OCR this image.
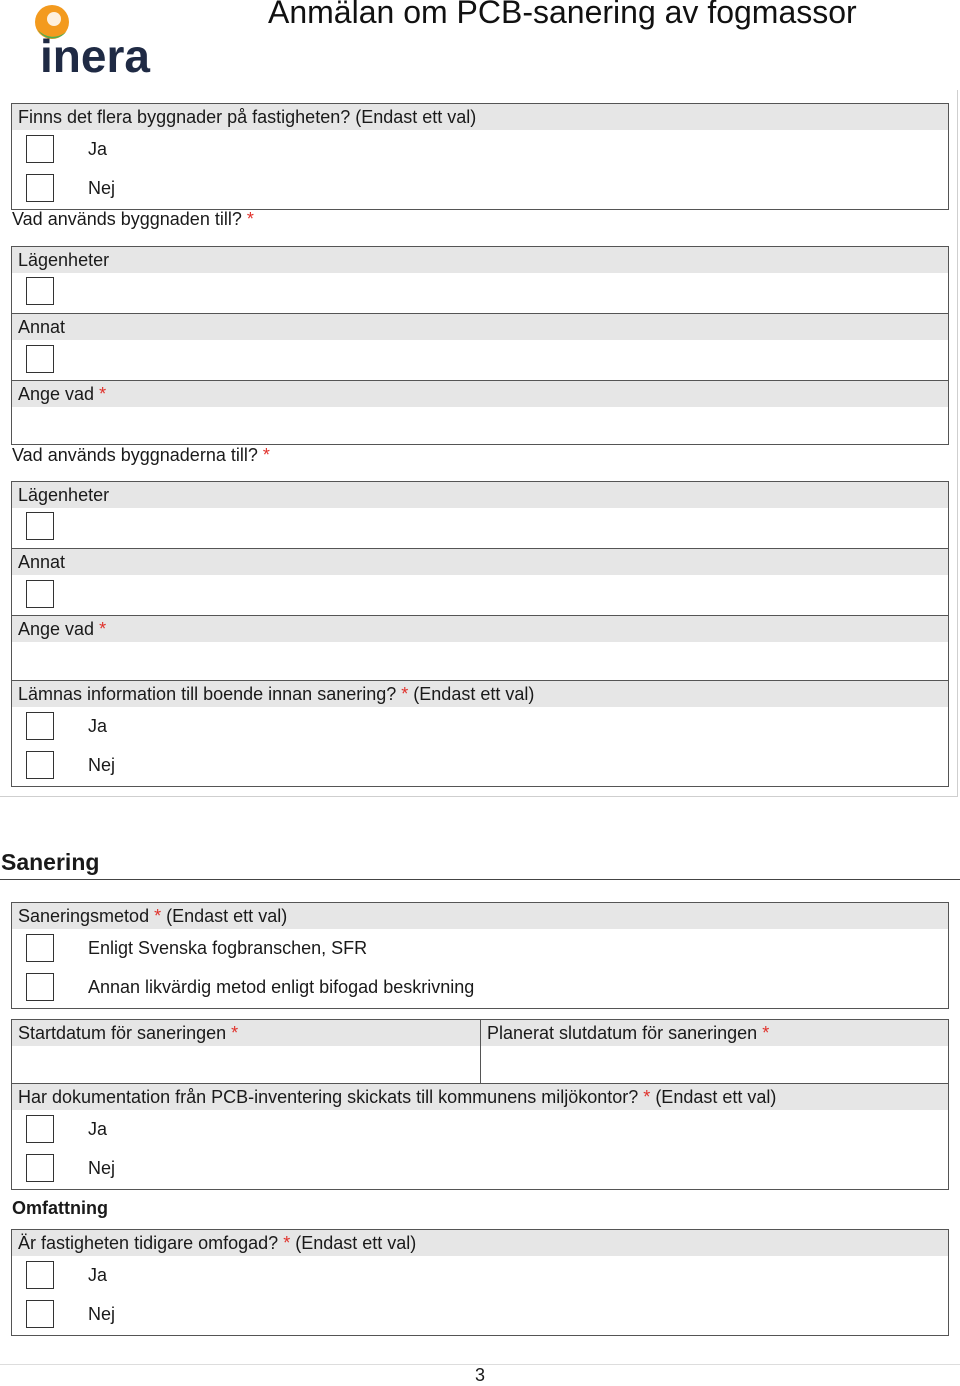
inera
Anmälan om PCB-sanering av fogmassor
Finns det flera byggnader på fastigheten? (Endast ett val)
Ja
Nej
Vad används byggnaden till? *
Lägenheter
Annat
Ange vad *
Vad används byggnaderna till? *
Lägenheter
Annat
Ange vad *
Lämnas information till boende innan sanering? * (Endast ett val)
Ja
Nej
Sanering
Saneringsmetod * (Endast ett val)
Enligt Svenska fogbranschen, SFR
Annan likvärdig metod enligt bifogad beskrivning
Startdatum för saneringen *	Planerat slutdatum för saneringen *
Har dokumentation från PCB-inventering skickats till kommunens miljökontor? * (Endast ett val)
Ja
Nej
Omfattning
Är fastigheten tidigare omfogad? * (Endast ett val)
Ja
Nej
3
